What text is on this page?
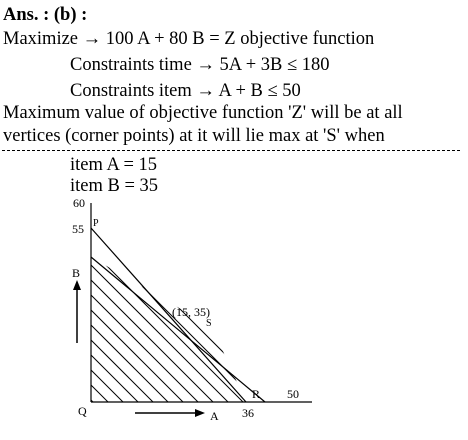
Ans. : (b) :
Maximize → 100 A + 80 B = Z objective function
Constraints time → 5A + 3B ≤ 180
Constraints item → A + B ≤ 50
Maximum value of objective function 'Z' will be at all
vertices (corner points) at it will lie max at 'S' when
item A = 15
item B = 35
60
55 P
(15, 35)
S
R 50
36
Q
B
A
